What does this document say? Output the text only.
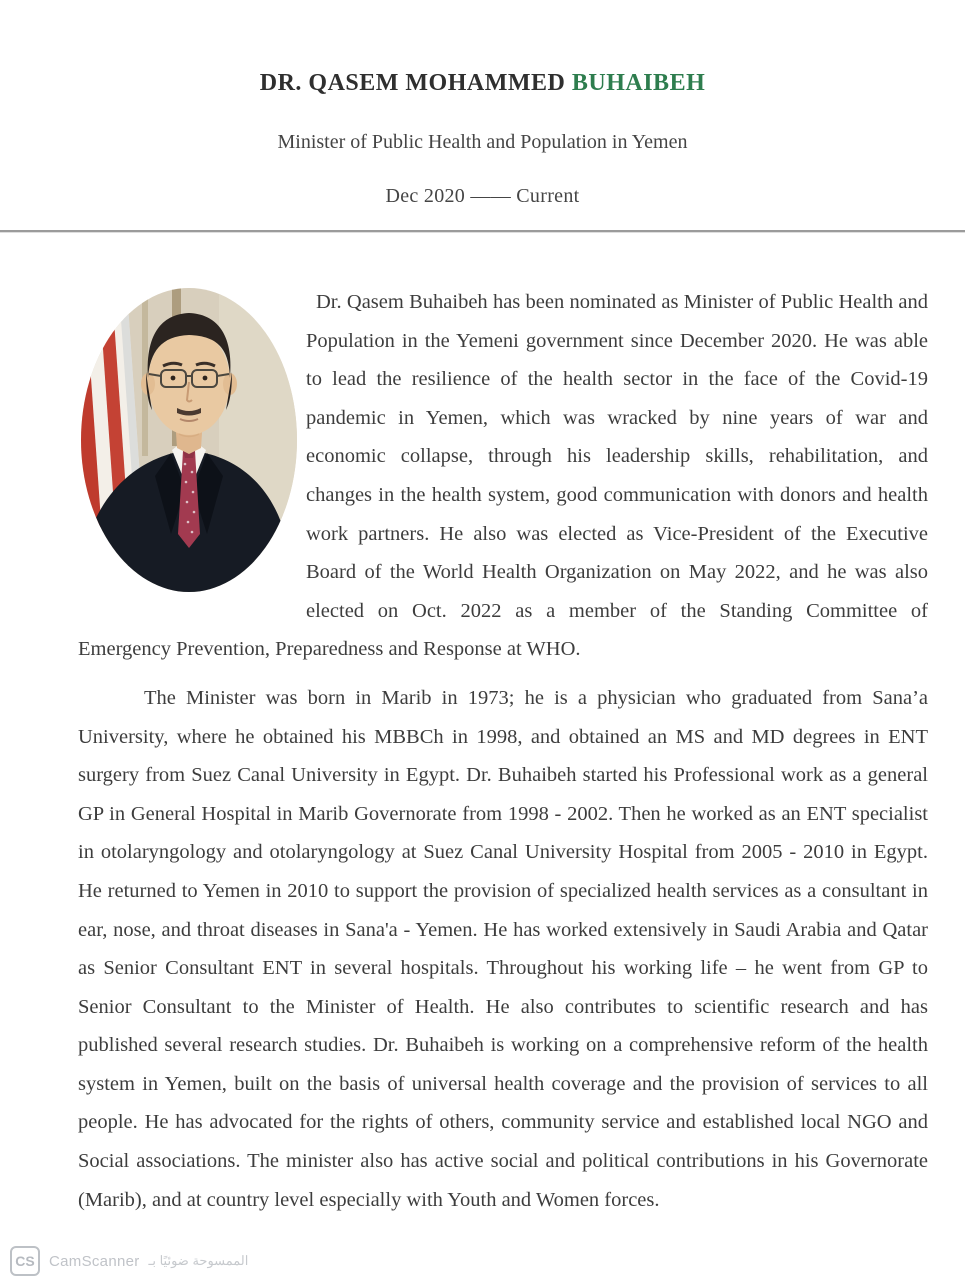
DR. QASEM MOHAMMED BUHAIBEH
Minister of Public Health and Population in Yemen
Dec 2020 —— Current

Dr. Qasem Buhaibeh has been nominated as Minister of Public Health and Population in the Yemeni government since December 2020. He was able to lead the resilience of the health sector in the face of the Covid-19 pandemic in Yemen, which was wracked by nine years of war and economic collapse, through his leadership skills, rehabilitation, and changes in the health system, good communication with donors and health work partners. He also was elected as Vice-President of the Executive Board of the World Health Organization on May 2022, and he was also elected on Oct. 2022 as a member of the Standing Committee of Emergency Prevention, Preparedness and Response at WHO.

The Minister was born in Marib in 1973; he is a physician who graduated from Sana’a University, where he obtained his MBBCh in 1998, and obtained an MS and MD degrees in ENT surgery from Suez Canal University in Egypt. Dr. Buhaibeh started his Professional work as a general GP in General Hospital in Marib Governorate from 1998 - 2002. Then he worked as an ENT specialist in otolaryngology and otolaryngology at Suez Canal University Hospital from 2005 - 2010 in Egypt. He returned to Yemen in 2010 to support the provision of specialized health services as a consultant in ear, nose, and throat diseases in Sana'a - Yemen. He has worked extensively in Saudi Arabia and Qatar as Senior Consultant ENT in several hospitals. Throughout his working life – he went from GP to Senior Consultant to the Minister of Health. He also contributes to scientific research and has published several research studies. Dr. Buhaibeh is working on a comprehensive reform of the health system in Yemen, built on the basis of universal health coverage and the provision of services to all people. He has advocated for the rights of others, community service and established local NGO and Social associations. The minister also has active social and political contributions in his Governorate (Marib), and at country level especially with Youth and Women forces.

CS CamScanner الممسوحة ضوئيًا بـ
